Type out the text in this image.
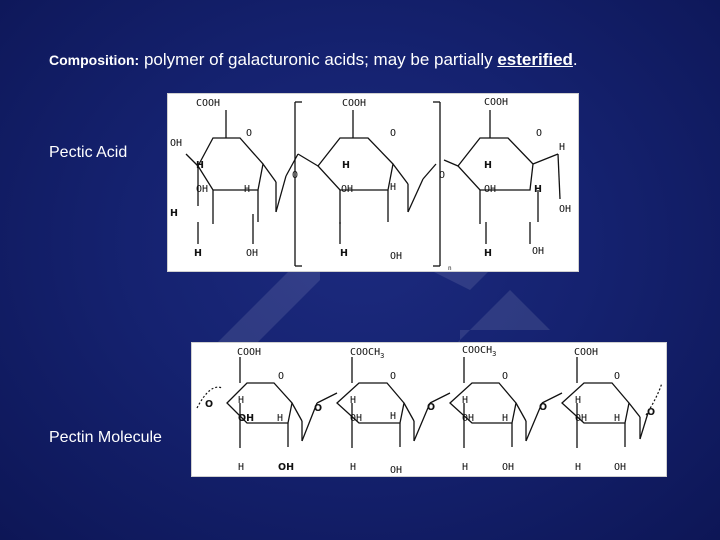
Composition: polymer of galacturonic acids; may be partially esterified.
Pectic Acid
Pectin Molecule
COOH	COOH	COOH
O	O	O
OH
H
H
OH	H
H	OH
O
H
OH	H
H	OH
O
H
OH	H
H	OH
H
OH
n
COOH	$COOCH_3$	$COOCH_3$	COOH
O	O	O	O
O	O	O	O	O
H
OH H
H	OH
H
OH	H
H	OH
H
OH	H
H	OH
H
OH	H
H	OH
